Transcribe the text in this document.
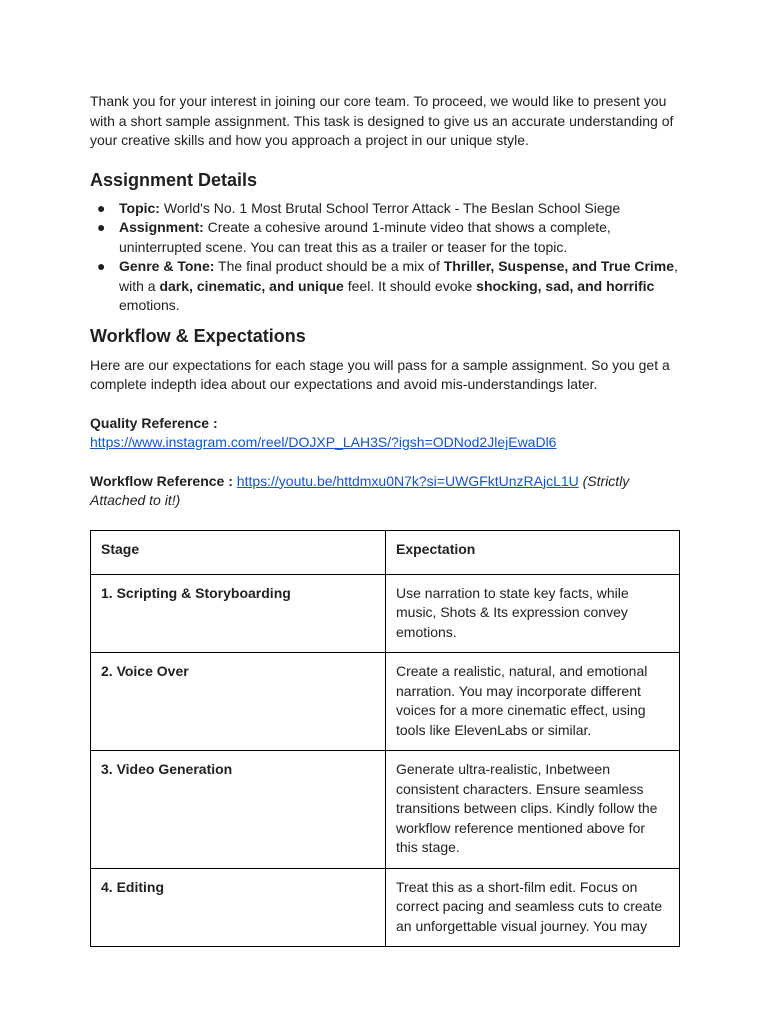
Thank you for your interest in joining our core team. To proceed, we would like to present you with a short sample assignment. This task is designed to give us an accurate understanding of your creative skills and how you approach a project in our unique style.

Assignment Details
● Topic: World's No. 1 Most Brutal School Terror Attack - The Beslan School Siege
● Assignment: Create a cohesive around 1-minute video that shows a complete, uninterrupted scene. You can treat this as a trailer or teaser for the topic.
● Genre & Tone: The final product should be a mix of Thriller, Suspense, and True Crime, with a dark, cinematic, and unique feel. It should evoke shocking, sad, and horrific emotions.
Workflow & Expectations

Here are our expectations for each stage you will pass for a sample assignment. So you get a complete indepth idea about our expectations and avoid mis-understandings later.

Quality Reference :
https://www.instagram.com/reel/DOJXP_LAH3S/?igsh=ODNod2JlejEwaDl6
Workflow Reference : https://youtu.be/httdmxu0N7k?si=UWGFktUnzRAjcL1U (Strictly Attached to it!)
Stage	Expectation
1. Scripting & Storyboarding	Use narration to state key facts, while music, Shots & Its expression convey emotions.
2. Voice Over	Create a realistic, natural, and emotional narration. You may incorporate different voices for a more cinematic effect, using tools like ElevenLabs or similar.
3. Video Generation	Generate ultra-realistic, Inbetween consistent characters. Ensure seamless transitions between clips. Kindly follow the workflow reference mentioned above for this stage.
4. Editing	Treat this as a short-film edit. Focus on correct pacing and seamless cuts to create an unforgettable visual journey. You may
